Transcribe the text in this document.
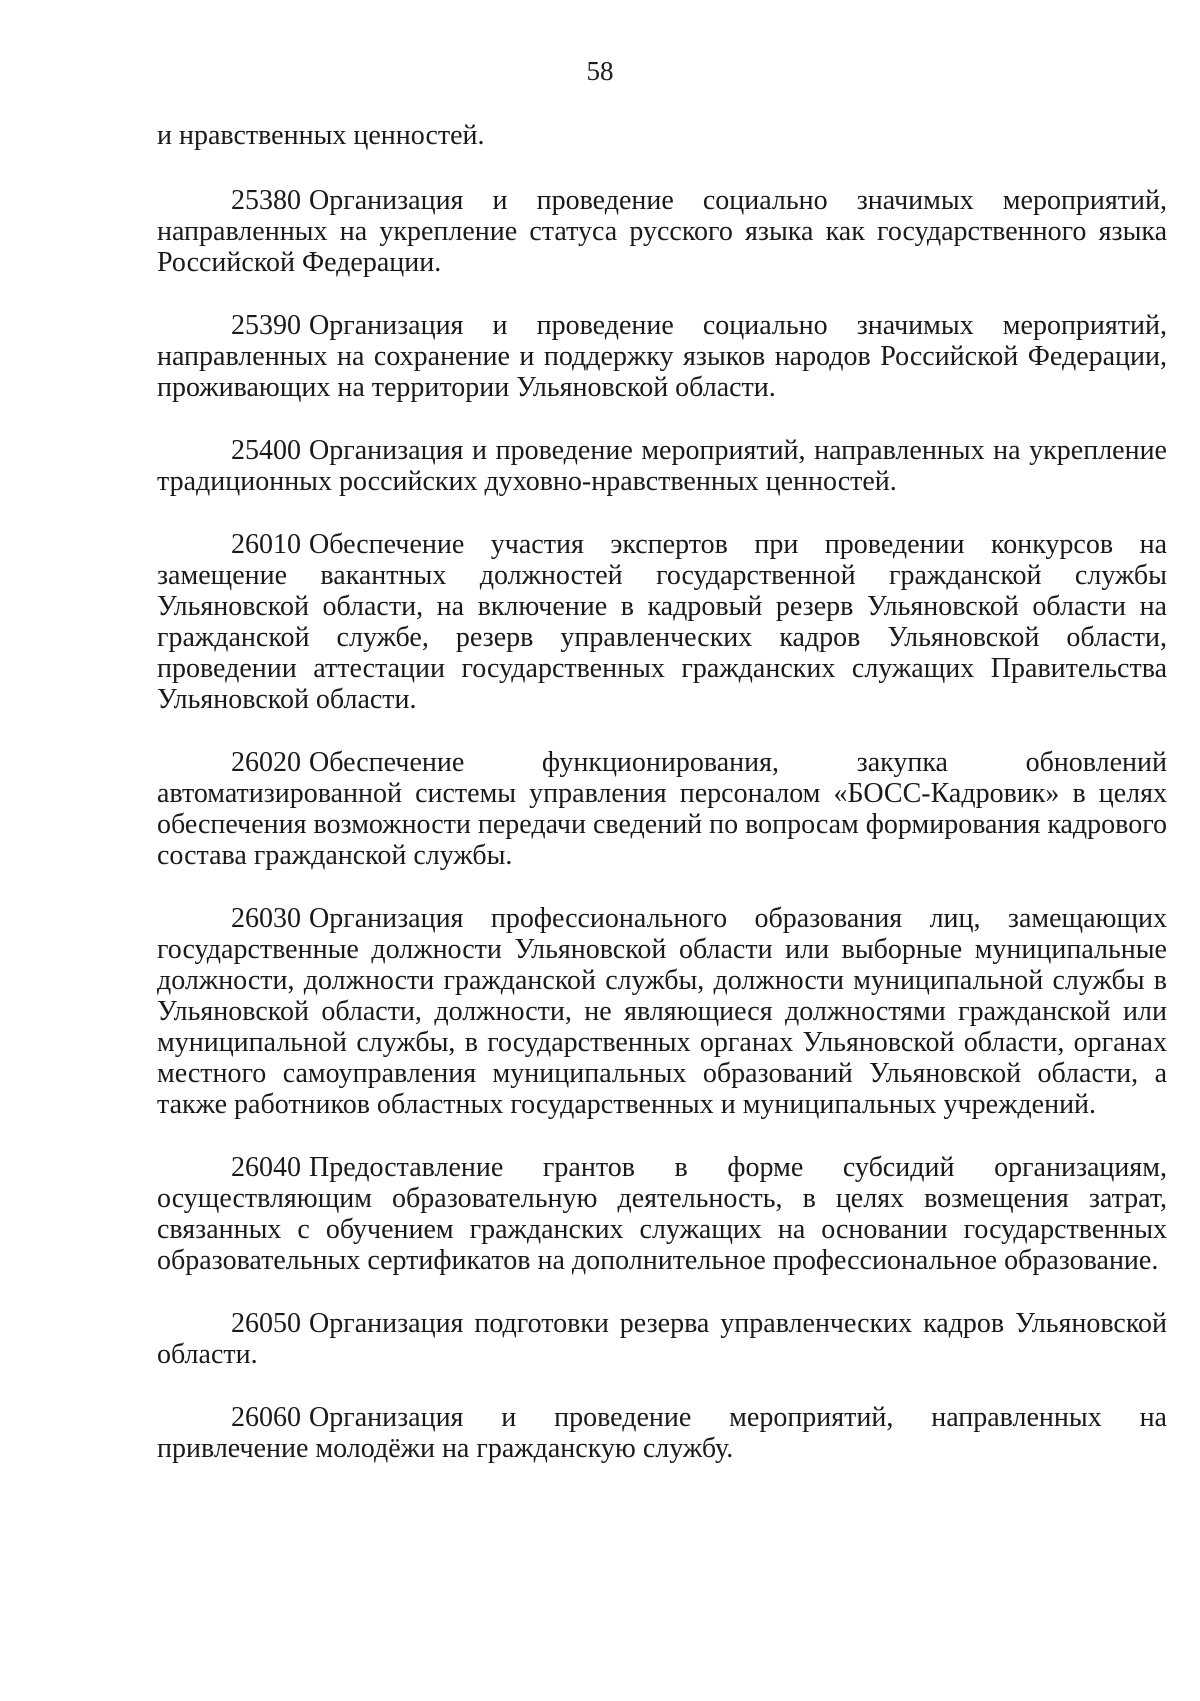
58

и нравственных ценностей.

25380 Организация и проведение социально значимых мероприятий, направленных на укрепление статуса русского языка как государственного языка Российской Федерации.

25390 Организация и проведение социально значимых мероприятий, направленных на сохранение и поддержку языков народов Российской Федерации, проживающих на территории Ульяновской области.

25400 Организация и проведение мероприятий, направленных на укрепление традиционных российских духовно-нравственных ценностей.

26010 Обеспечение участия экспертов при проведении конкурсов на замещение вакантных должностей государственной гражданской службы Ульяновской области, на включение в кадровый резерв Ульяновской области на гражданской службе, резерв управленческих кадров Ульяновской области, проведении аттестации государственных гражданских служащих Правительства Ульяновской области.

26020 Обеспечение функционирования, закупка обновлений автоматизированной системы управления персоналом «БОСС-Кадровик» в целях обеспечения возможности передачи сведений по вопросам формирования кадрового состава гражданской службы.

26030 Организация профессионального образования лиц, замещающих государственные должности Ульяновской области или выборные муниципальные должности, должности гражданской службы, должности муниципальной службы в Ульяновской области, должности, не являющиеся должностями гражданской или муниципальной службы, в государственных органах Ульяновской области, органах местного самоуправления муниципальных образований Ульяновской области, а также работников областных государственных и муниципальных учреждений.

26040 Предоставление грантов в форме субсидий организациям, осуществляющим образовательную деятельность, в целях возмещения затрат, связанных с обучением гражданских служащих на основании государственных образовательных сертификатов на дополнительное профессиональное образование.

26050 Организация подготовки резерва управленческих кадров Ульяновской области.

26060 Организация и проведение мероприятий, направленных на привлечение молодёжи на гражданскую службу.
